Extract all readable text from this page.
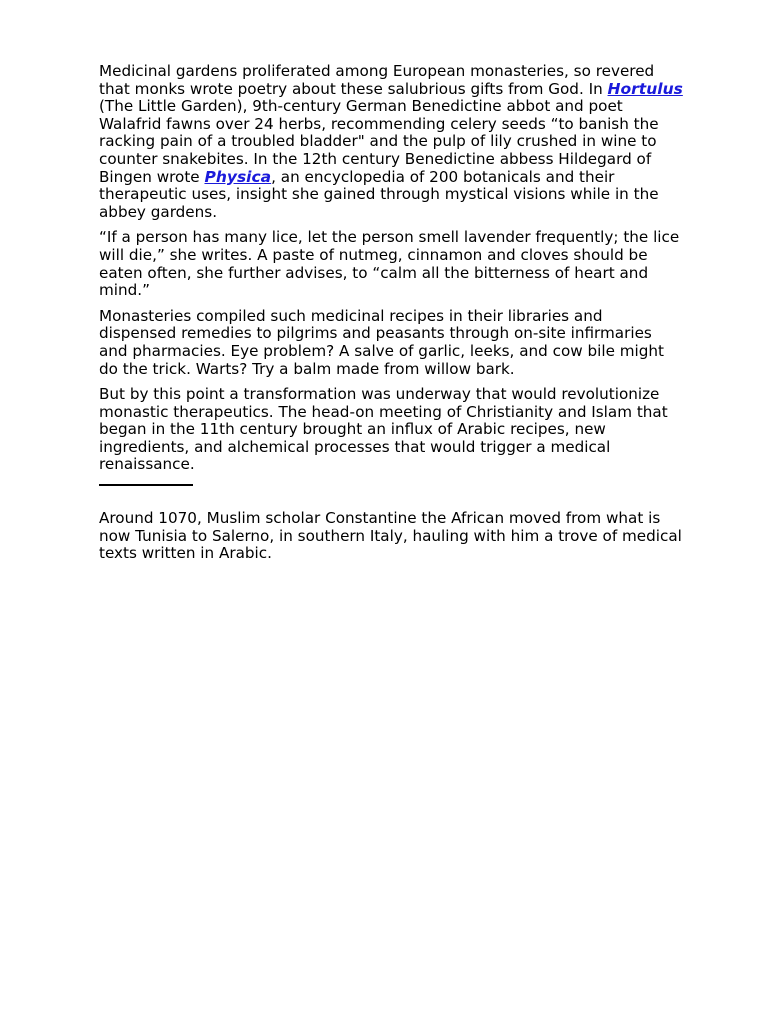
Medicinal gardens proliferated among European monasteries, so revered that monks wrote poetry about these salubrious gifts from God. In Hortulus (The Little Garden), 9th-century German Benedictine abbot and poet Walafrid fawns over 24 herbs, recommending celery seeds “to banish the racking pain of a troubled bladder" and the pulp of lily crushed in wine to counter snakebites. In the 12th century Benedictine abbess Hildegard of Bingen wrote Physica, an encyclopedia of 200 botanicals and their therapeutic uses, insight she gained through mystical visions while in the abbey gardens.

“If a person has many lice, let the person smell lavender frequently; the lice will die,” she writes. A paste of nutmeg, cinnamon and cloves should be eaten often, she further advises, to “calm all the bitterness of heart and mind.”

Monasteries compiled such medicinal recipes in their libraries and dispensed remedies to pilgrims and peasants through on-site infirmaries and pharmacies. Eye problem? A salve of garlic, leeks, and cow bile might do the trick. Warts? Try a balm made from willow bark.

But by this point a transformation was underway that would revolutionize monastic therapeutics. The head-on meeting of Christianity and Islam that began in the 11th century brought an influx of Arabic recipes, new ingredients, and alchemical processes that would trigger a medical renaissance.

Around 1070, Muslim scholar Constantine the African moved from what is now Tunisia to Salerno, in southern Italy, hauling with him a trove of medical texts written in Arabic.
